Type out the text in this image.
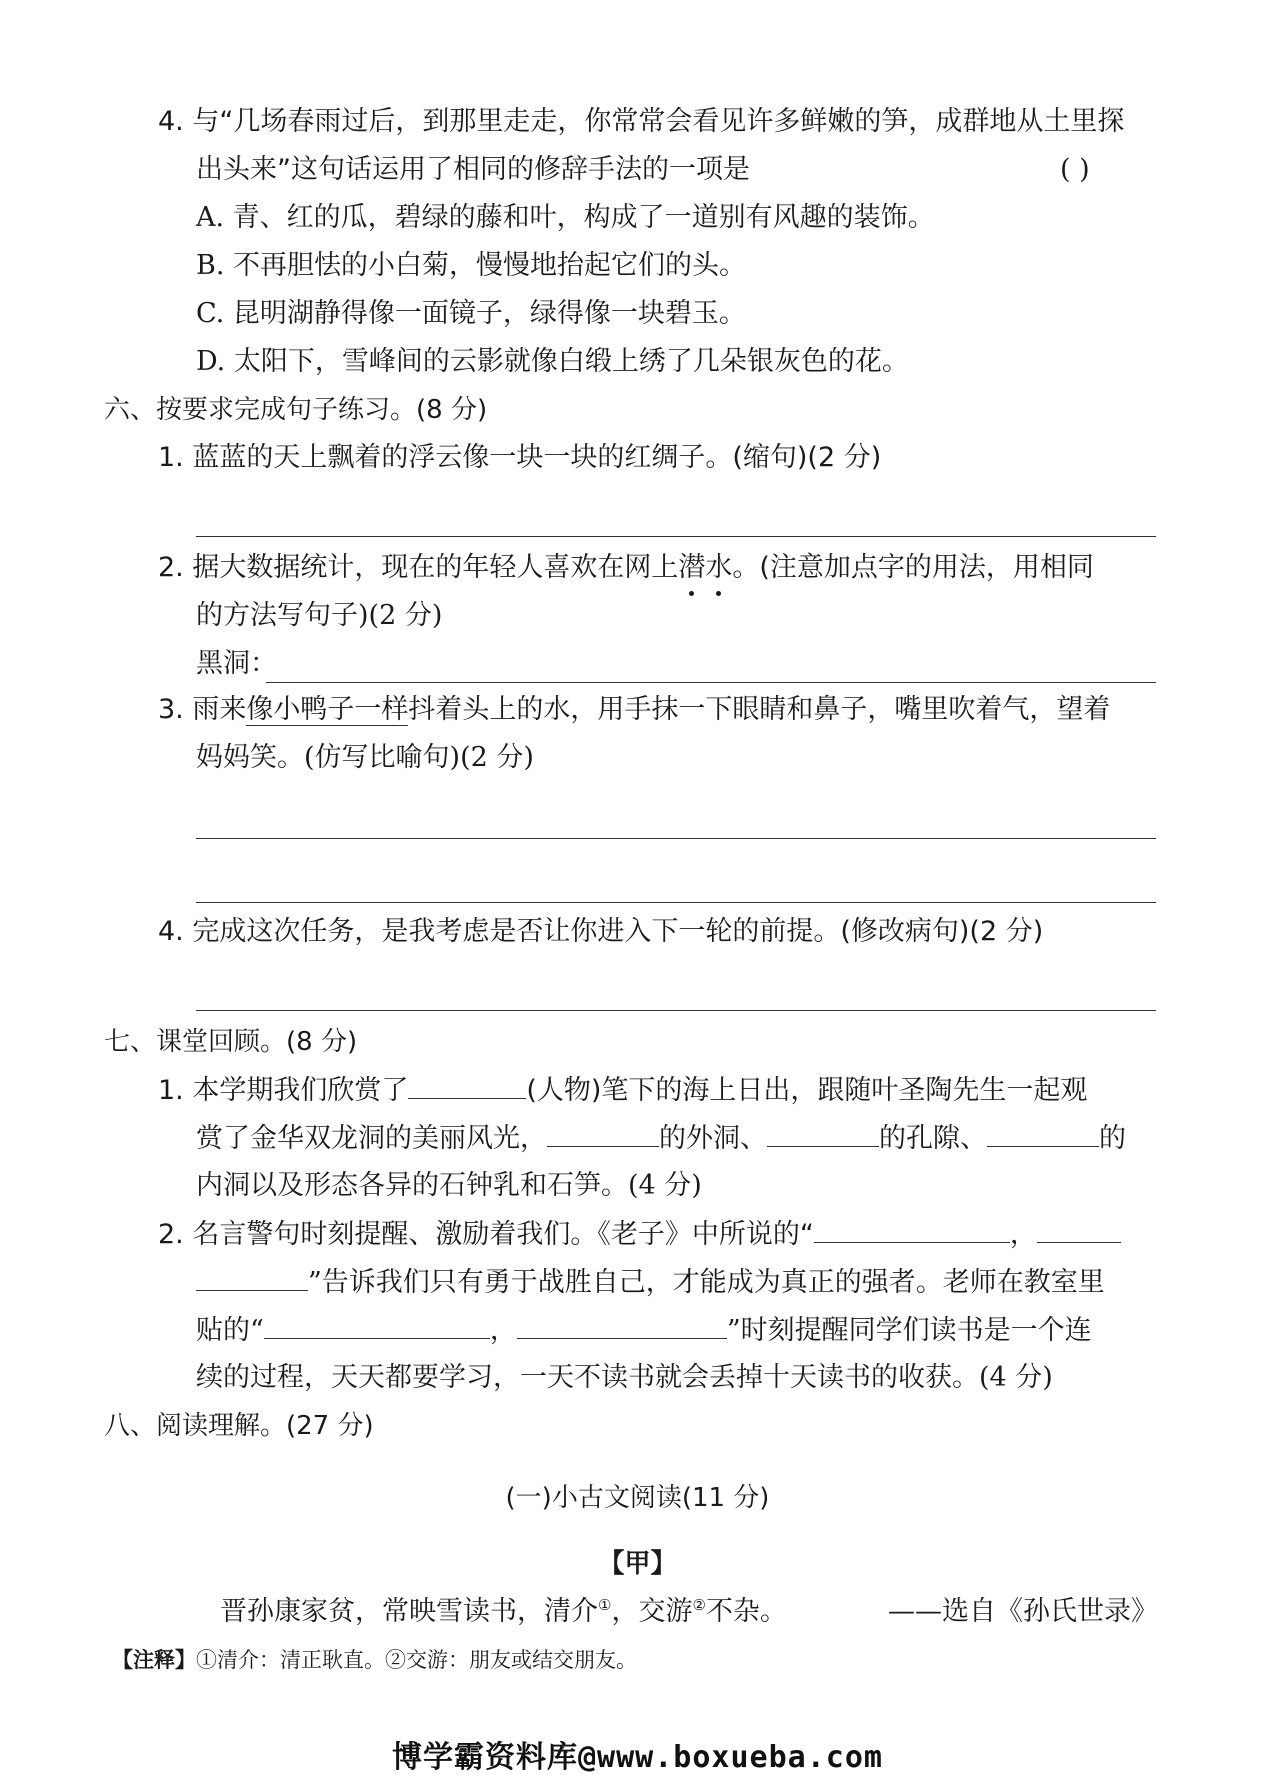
4. 与“几场春雨过后，到那里走走，你常常会看见许多鲜嫩的笋，成群地从土里探
出头来”这句话运用了相同的修辞手法的一项是	( )
A. 青、红的瓜，碧绿的藤和叶，构成了一道别有风趣的装饰。
B. 不再胆怯的小白菊，慢慢地抬起它们的头。
C. 昆明湖静得像一面镜子，绿得像一块碧玉。
D. 太阳下，雪峰间的云影就像白缎上绣了几朵银灰色的花。
六、按要求完成句子练习。(8 分)
1. 蓝蓝的天上飘着的浮云像一块一块的红绸子。(缩句)(2 分)
2. 据大数据统计，现在的年轻人喜欢在网上潜水。(注意加点字的用法，用相同
的方法写句子)(2 分)
黑洞：
3. 雨来像小鸭子一样抖着头上的水，用手抹一下眼睛和鼻子，嘴里吹着气，望着
妈妈笑。(仿写比喻句)(2 分)
4. 完成这次任务，是我考虑是否让你进入下一轮的前提。(修改病句)(2 分)
七、课堂回顾。(8 分)
1. 本学期我们欣赏了	(人物)笔下的海上日出，跟随叶圣陶先生一起观
赏了金华双龙洞的美丽风光，	的外洞、	的孔隙、	的
内洞以及形态各异的石钟乳和石笋。(4 分)
2. 名言警句时刻提醒、激励着我们。《老子》中所说的“	，
”告诉我们只有勇于战胜自己，才能成为真正的强者。老师在教室里
贴的“	，	”时刻提醒同学们读书是一个连
续的过程，天天都要学习，一天不读书就会丢掉十天读书的收获。(4 分)
八、阅读理解。(27 分)
(一)小古文阅读(11 分)
【甲】
晋孙康家贫，常映雪读书，清介①，交游②不杂。	——选自《孙氏世录》
【注释】①清介：清正耿直。②交游：朋友或结交朋友。
博学霸资料库@www.boxueba.com
